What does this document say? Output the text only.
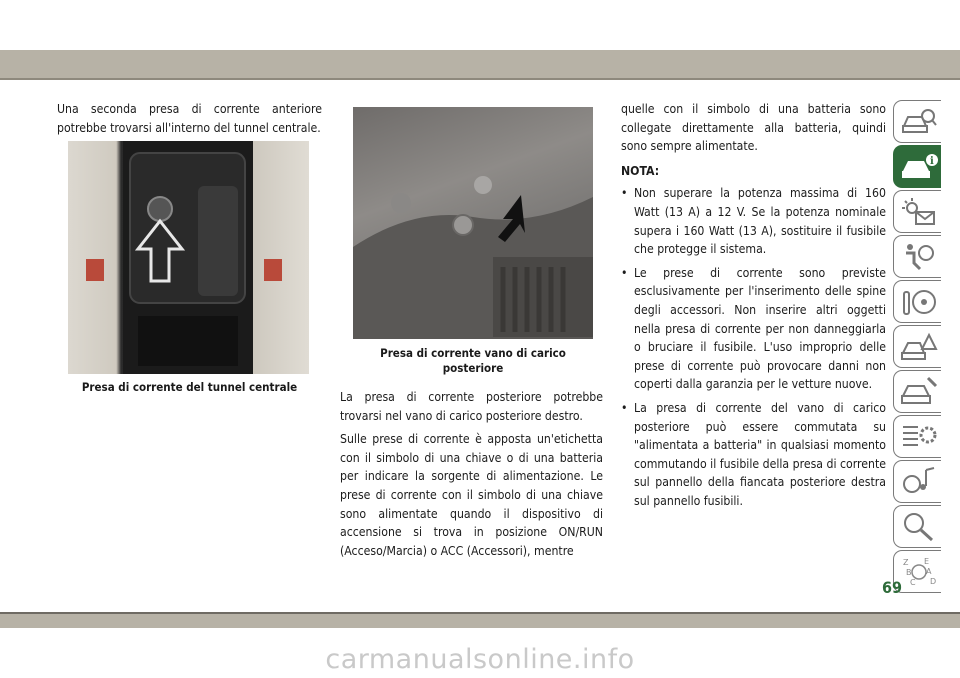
Una seconda presa di corrente anteriore potrebbe trovarsi all'interno del tunnel centrale.
Presa di corrente del tunnel centrale
Presa di corrente vano di carico posteriore

La presa di corrente posteriore potrebbe trovarsi nel vano di carico posteriore destro.

Sulle prese di corrente è apposta un'etichetta con il simbolo di una chiave o di una batteria per indicare la sorgente di alimentazione. Le prese di corrente con il simbolo di una chiave sono alimentate quando il dispositivo di accensione si trova in posizione ON/RUN (Acceso/Marcia) o ACC (Accessori), mentre

quelle con il simbolo di una batteria sono collegate direttamente alla batteria, quindi sono sempre alimentate.

NOTA:
• Non superare la potenza massima di 160 Watt (13 A) a 12 V. Se la potenza nominale supera i 160 Watt (13 A), sostituire il fusibile che protegge il sistema.
• Le prese di corrente sono previste esclusivamente per l'inserimento delle spine degli accessori. Non inserire altri oggetti nella presa di corrente per non danneggiarla o bruciare il fusibile. L'uso improprio delle prese di corrente può provocare danni non coperti dalla garanzia per le vetture nuove.
• La presa di corrente del vano di carico posteriore può essere commutata su "alimentata a batteria" in qualsiasi momento commutando il fusibile della presa di corrente sul pannello della fiancata posteriore destra sul pannello fusibili.
i
Z E
B A
C D
69
carmanualsonline.info
